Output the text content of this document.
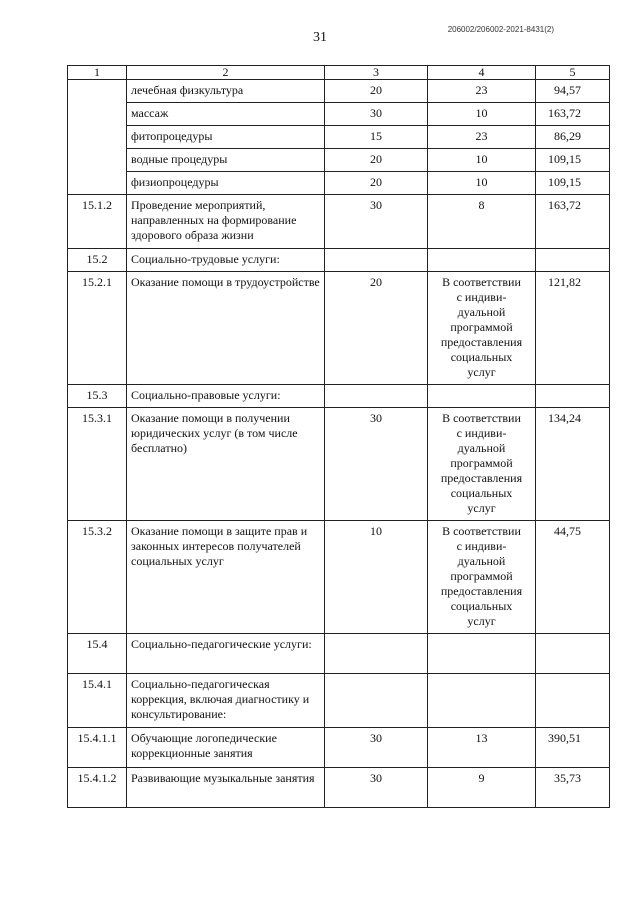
31
206002/206002-2021-8431(2)
1	2	3	4	5
	лечебная физкультура	20	23	94,57
	массаж	30	10	163,72
	фитопроцедуры	15	23	86,29
	водные процедуры	20	10	109,15
	физиопроцедуры	20	10	109,15
15.1.2	Проведение мероприятий, направленных на формирование здорового образа жизни	30	8	163,72
15.2	Социально-трудовые услуги:		

15.2.1	Оказание помощи в трудоустройстве	20	В соответствии с индиви- дуальной программой предоставления социальных услуг	121,82
15.3	Социально-правовые услуги:		

15.3.1	Оказание помощи в получении юридических услуг (в том числе бесплатно)	30	В соответствии с индиви- дуальной программой предоставления социальных услуг	134,24
15.3.2	Оказание помощи в защите прав и законных интересов получателей социальных услуг	10	В соответствии с индиви- дуальной программой предоставления социальных услуг	44,75
15.4	Социально-педагогические услуги:		

15.4.1	Социально-педагогическая коррекция, включая диагностику и консультирование:		

15.4.1.1	Обучающие логопедические коррекционные занятия	30	13	390,51
15.4.1.2	Развивающие музыкальные занятия	30	9	35,73
